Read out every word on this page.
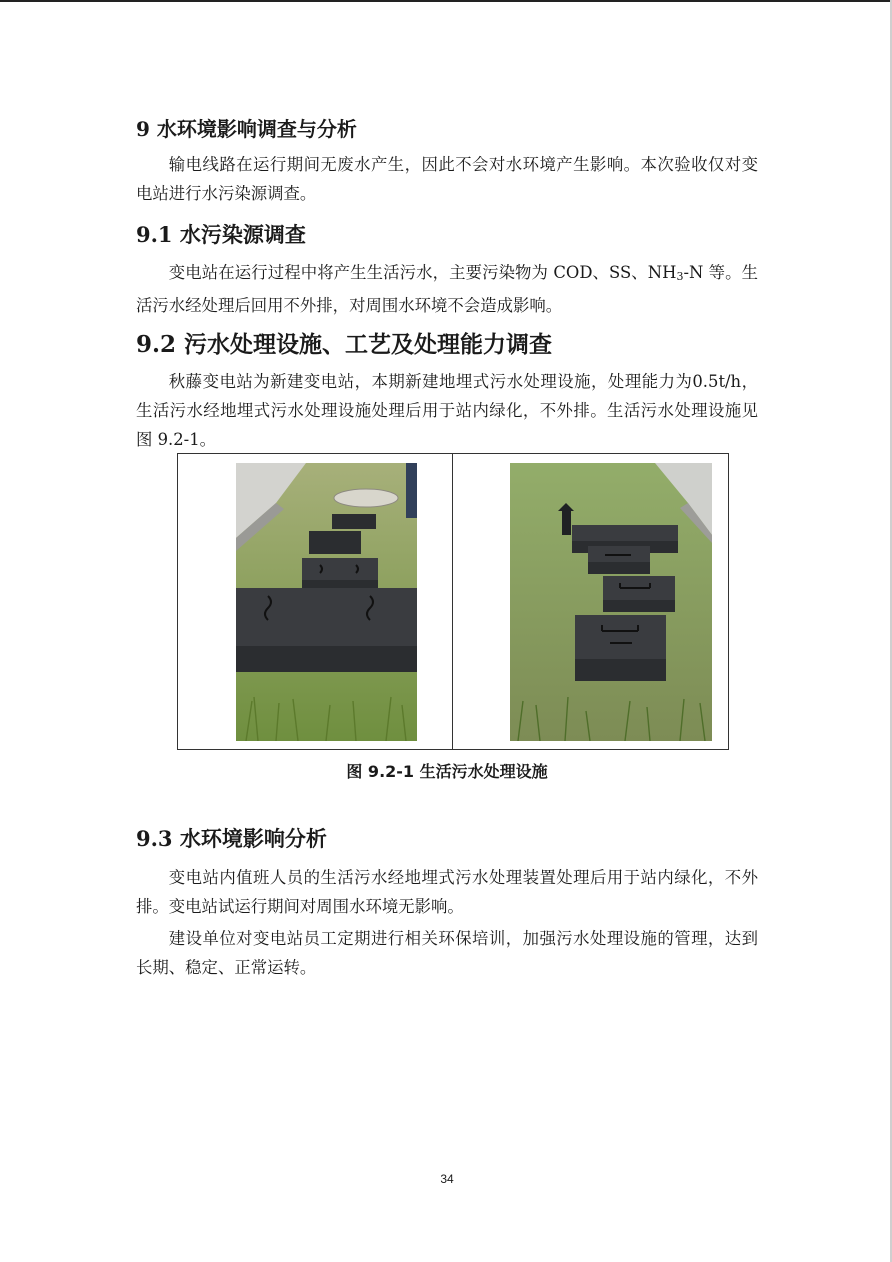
9 水环境影响调查与分析
输电线路在运行期间无废水产生，因此不会对水环境产生影响。本次验收仅对变电站进行水污染源调查。
9.1 水污染源调查
变电站在运行过程中将产生生活污水，主要污染物为 COD、SS、$NH_3-N$ 等。生活污水经处理后回用不外排，对周围水环境不会造成影响。
9.2 污水处理设施、工艺及处理能力调查
秋藤变电站为新建变电站，本期新建地埋式污水处理设施，处理能力为0.5t/h，生活污水经地埋式污水处理设施处理后用于站内绿化，不外排。生活污水处理设施见图 9.2-1。
图 9.2-1 生活污水处理设施
9.3 水环境影响分析
变电站内值班人员的生活污水经地埋式污水处理装置处理后用于站内绿化，不外排。变电站试运行期间对周围水环境无影响。
建设单位对变电站员工定期进行相关环保培训，加强污水处理设施的管理，达到长期、稳定、正常运转。
34
